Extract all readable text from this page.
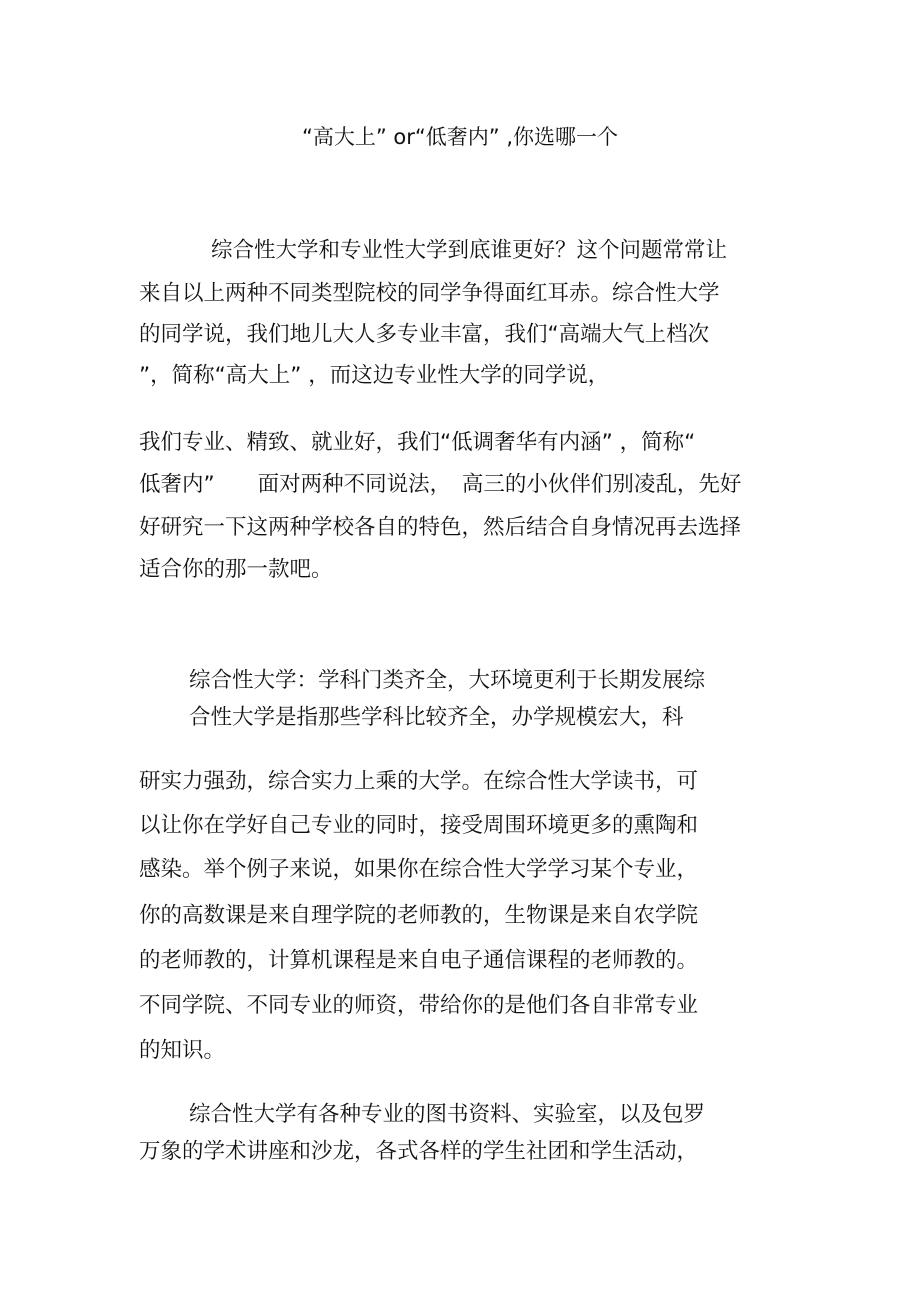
“高大上” or“低奢内” ,你选哪一个
综合性大学和专业性大学到底谁更好？这个问题常常让
来自以上两种不同类型院校的同学争得面红耳赤。综合性大学
的同学说，我们地儿大人多专业丰富，我们“高端大气上档次
”，简称“高大上” ，而这边专业性大学的同学说，
我们专业、精致、就业好，我们“低调奢华有内涵” ，简称“
低奢内”　　面对两种不同说法，　高三的小伙伴们别凌乱，先好
好研究一下这两种学校各自的特色，然后结合自身情况再去选择
适合你的那一款吧。
综合性大学：学科门类齐全，大环境更利于长期发展综
合性大学是指那些学科比较齐全，办学规模宏大，科
研实力强劲，综合实力上乘的大学。在综合性大学读书，可
以让你在学好自己专业的同时，接受周围环境更多的熏陶和
感染。举个例子来说，如果你在综合性大学学习某个专业，
你的高数课是来自理学院的老师教的，生物课是来自农学院
的老师教的，计算机课程是来自电子通信课程的老师教的。
不同学院、不同专业的师资，带给你的是他们各自非常专业
的知识。
综合性大学有各种专业的图书资料、实验室，以及包罗
万象的学术讲座和沙龙，各式各样的学生社团和学生活动，
